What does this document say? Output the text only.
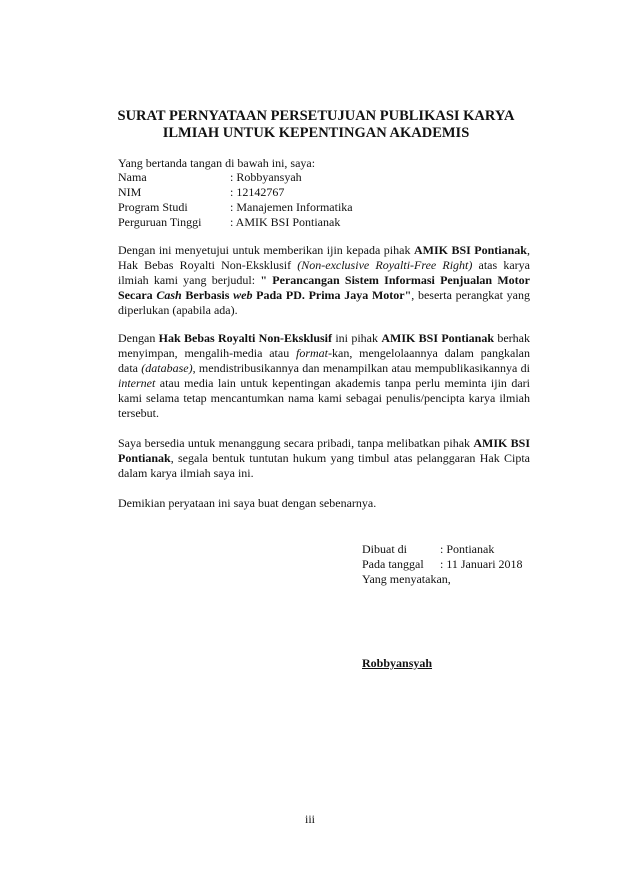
SURAT PERNYATAAN PERSETUJUAN PUBLIKASI KARYA
ILMIAH UNTUK KEPENTINGAN AKADEMIS
Yang bertanda tangan di bawah ini, saya:
Nama	: Robbyansyah
NIM	: 12142767
Program Studi	: Manajemen Informatika
Perguruan Tinggi	: AMIK BSI Pontianak

Dengan ini menyetujui untuk memberikan ijin kepada pihak AMIK BSI Pontianak, Hak Bebas Royalti Non-Eksklusif (Non-exclusive Royalti-Free Right) atas karya ilmiah kami yang berjudul: " Perancangan Sistem Informasi Penjualan Motor Secara Cash Berbasis web Pada PD. Prima Jaya Motor", beserta perangkat yang diperlukan (apabila ada).

Dengan Hak Bebas Royalti Non-Eksklusif ini pihak AMIK BSI Pontianak berhak menyimpan, mengalih-media atau format-kan, mengelolaannya dalam pangkalan data (database), mendistribusikannya dan menampilkan atau mempublikasikannya di internet atau media lain untuk kepentingan akademis tanpa perlu meminta ijin dari kami selama tetap mencantumkan nama kami sebagai penulis/pencipta karya ilmiah tersebut.

Saya bersedia untuk menanggung secara pribadi, tanpa melibatkan pihak AMIK BSI Pontianak, segala bentuk tuntutan hukum yang timbul atas pelanggaran Hak Cipta dalam karya ilmiah saya ini.

Demikian peryataan ini saya buat dengan sebenarnya.

Dibuat di	: Pontianak
Pada tanggal	: 11 Januari 2018
Yang menyatakan,	
Robbyansyah
iii
